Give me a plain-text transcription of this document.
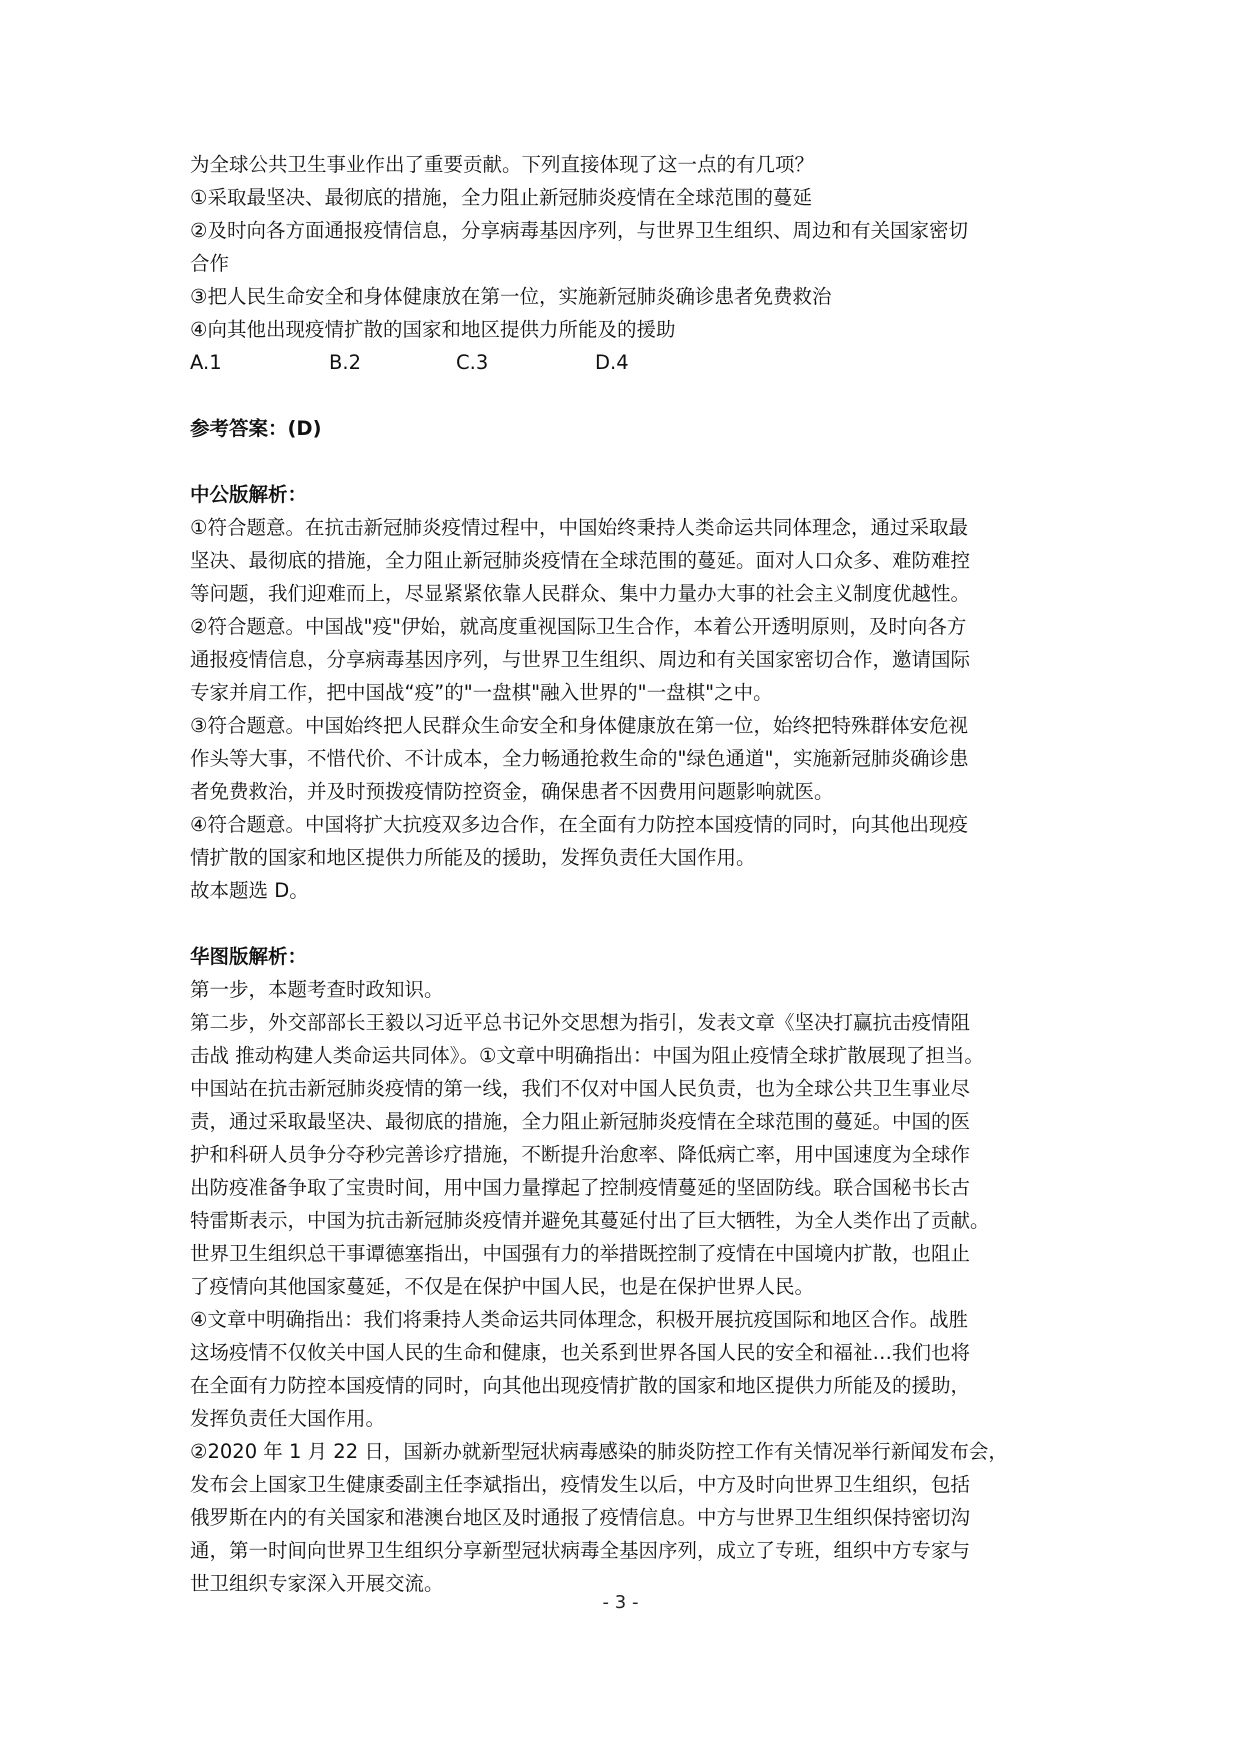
为全球公共卫生事业作出了重要贡献。下列直接体现了这一点的有几项？

①采取最坚决、最彻底的措施，全力阻止新冠肺炎疫情在全球范围的蔓延

②及时向各方面通报疫情信息，分享病毒基因序列，与世界卫生组织、周边和有关国家密切

合作

③把人民生命安全和身体健康放在第一位，实施新冠肺炎确诊患者免费救治

④向其他出现疫情扩散的国家和地区提供力所能及的援助

A.1	B.2	C.3	D.4

参考答案：(D)

中公版解析：

①符合题意。在抗击新冠肺炎疫情过程中，中国始终秉持人类命运共同体理念，通过采取最

坚决、最彻底的措施，全力阻止新冠肺炎疫情在全球范围的蔓延。面对人口众多、难防难控

等问题，我们迎难而上，尽显紧紧依靠人民群众、集中力量办大事的社会主义制度优越性。

②符合题意。中国战"疫"伊始，就高度重视国际卫生合作，本着公开透明原则，及时向各方

通报疫情信息，分享病毒基因序列，与世界卫生组织、周边和有关国家密切合作，邀请国际

专家并肩工作，把中国战“疫”的"一盘棋"融入世界的"一盘棋"之中。

③符合题意。中国始终把人民群众生命安全和身体健康放在第一位，始终把特殊群体安危视

作头等大事，不惜代价、不计成本，全力畅通抢救生命的"绿色通道"，实施新冠肺炎确诊患

者免费救治，并及时预拨疫情防控资金，确保患者不因费用问题影响就医。

④符合题意。中国将扩大抗疫双多边合作，在全面有力防控本国疫情的同时，向其他出现疫

情扩散的国家和地区提供力所能及的援助，发挥负责任大国作用。

故本题选 D。

华图版解析：

第一步，本题考查时政知识。

第二步，外交部部长王毅以习近平总书记外交思想为指引，发表文章《坚决打赢抗击疫情阻

击战 推动构建人类命运共同体》。①文章中明确指出：中国为阻止疫情全球扩散展现了担当。

中国站在抗击新冠肺炎疫情的第一线，我们不仅对中国人民负责，也为全球公共卫生事业尽

责，通过采取最坚决、最彻底的措施，全力阻止新冠肺炎疫情在全球范围的蔓延。中国的医

护和科研人员争分夺秒完善诊疗措施，不断提升治愈率、降低病亡率，用中国速度为全球作

出防疫准备争取了宝贵时间，用中国力量撑起了控制疫情蔓延的坚固防线。联合国秘书长古

特雷斯表示，中国为抗击新冠肺炎疫情并避免其蔓延付出了巨大牺牲，为全人类作出了贡献。

世界卫生组织总干事谭德塞指出，中国强有力的举措既控制了疫情在中国境内扩散，也阻止

了疫情向其他国家蔓延，不仅是在保护中国人民，也是在保护世界人民。

④文章中明确指出：我们将秉持人类命运共同体理念，积极开展抗疫国际和地区合作。战胜

这场疫情不仅攸关中国人民的生命和健康，也关系到世界各国人民的安全和福祉…我们也将

在全面有力防控本国疫情的同时，向其他出现疫情扩散的国家和地区提供力所能及的援助，

发挥负责任大国作用。

②2020 年 1 月 22 日，国新办就新型冠状病毒感染的肺炎防控工作有关情况举行新闻发布会，

发布会上国家卫生健康委副主任李斌指出，疫情发生以后，中方及时向世界卫生组织，包括

俄罗斯在内的有关国家和港澳台地区及时通报了疫情信息。中方与世界卫生组织保持密切沟

通，第一时间向世界卫生组织分享新型冠状病毒全基因序列，成立了专班，组织中方专家与

世卫组织专家深入开展交流。

- 3 -
